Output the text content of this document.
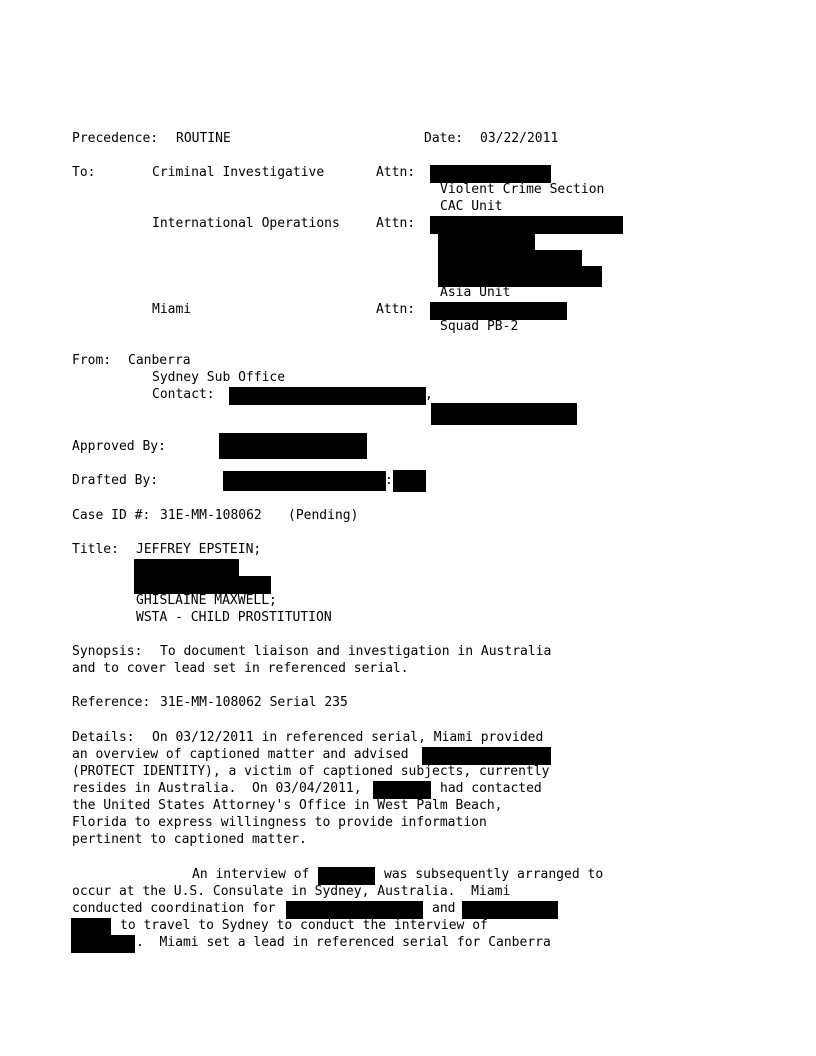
Precedence: ROUTINE	Date: 03/22/2011
To:	Criminal Investigative	Attn:
Violent Crime Section
CAC Unit
International Operations	Attn:
Asia Unit
Miami	Attn:
Squad PB-2
From: Canberra
Sydney Sub Office
Contact:	,
Approved By:
Drafted By:	:
Case ID #: 31E-MM-108062 (Pending)
Title: JEFFREY EPSTEIN;
GHISLAINE MAXWELL;
WSTA - CHILD PROSTITUTION
Synopsis: To document liaison and investigation in Australia
and to cover lead set in referenced serial.
Reference: 31E-MM-108062 Serial 235
Details: On 03/12/2011 in referenced serial, Miami provided
an overview of captioned matter and advised
(PROTECT IDENTITY), a victim of captioned subjects, currently
resides in Australia.  On 03/04/2011,	had contacted
the United States Attorney's Office in West Palm Beach,
Florida to express willingness to provide information
pertinent to captioned matter.
An interview of	was subsequently arranged to
occur at the U.S. Consulate in Sydney, Australia.  Miami
conducted coordination for	and
to travel to Sydney to conduct the interview of
.  Miami set a lead in referenced serial for Canberra
